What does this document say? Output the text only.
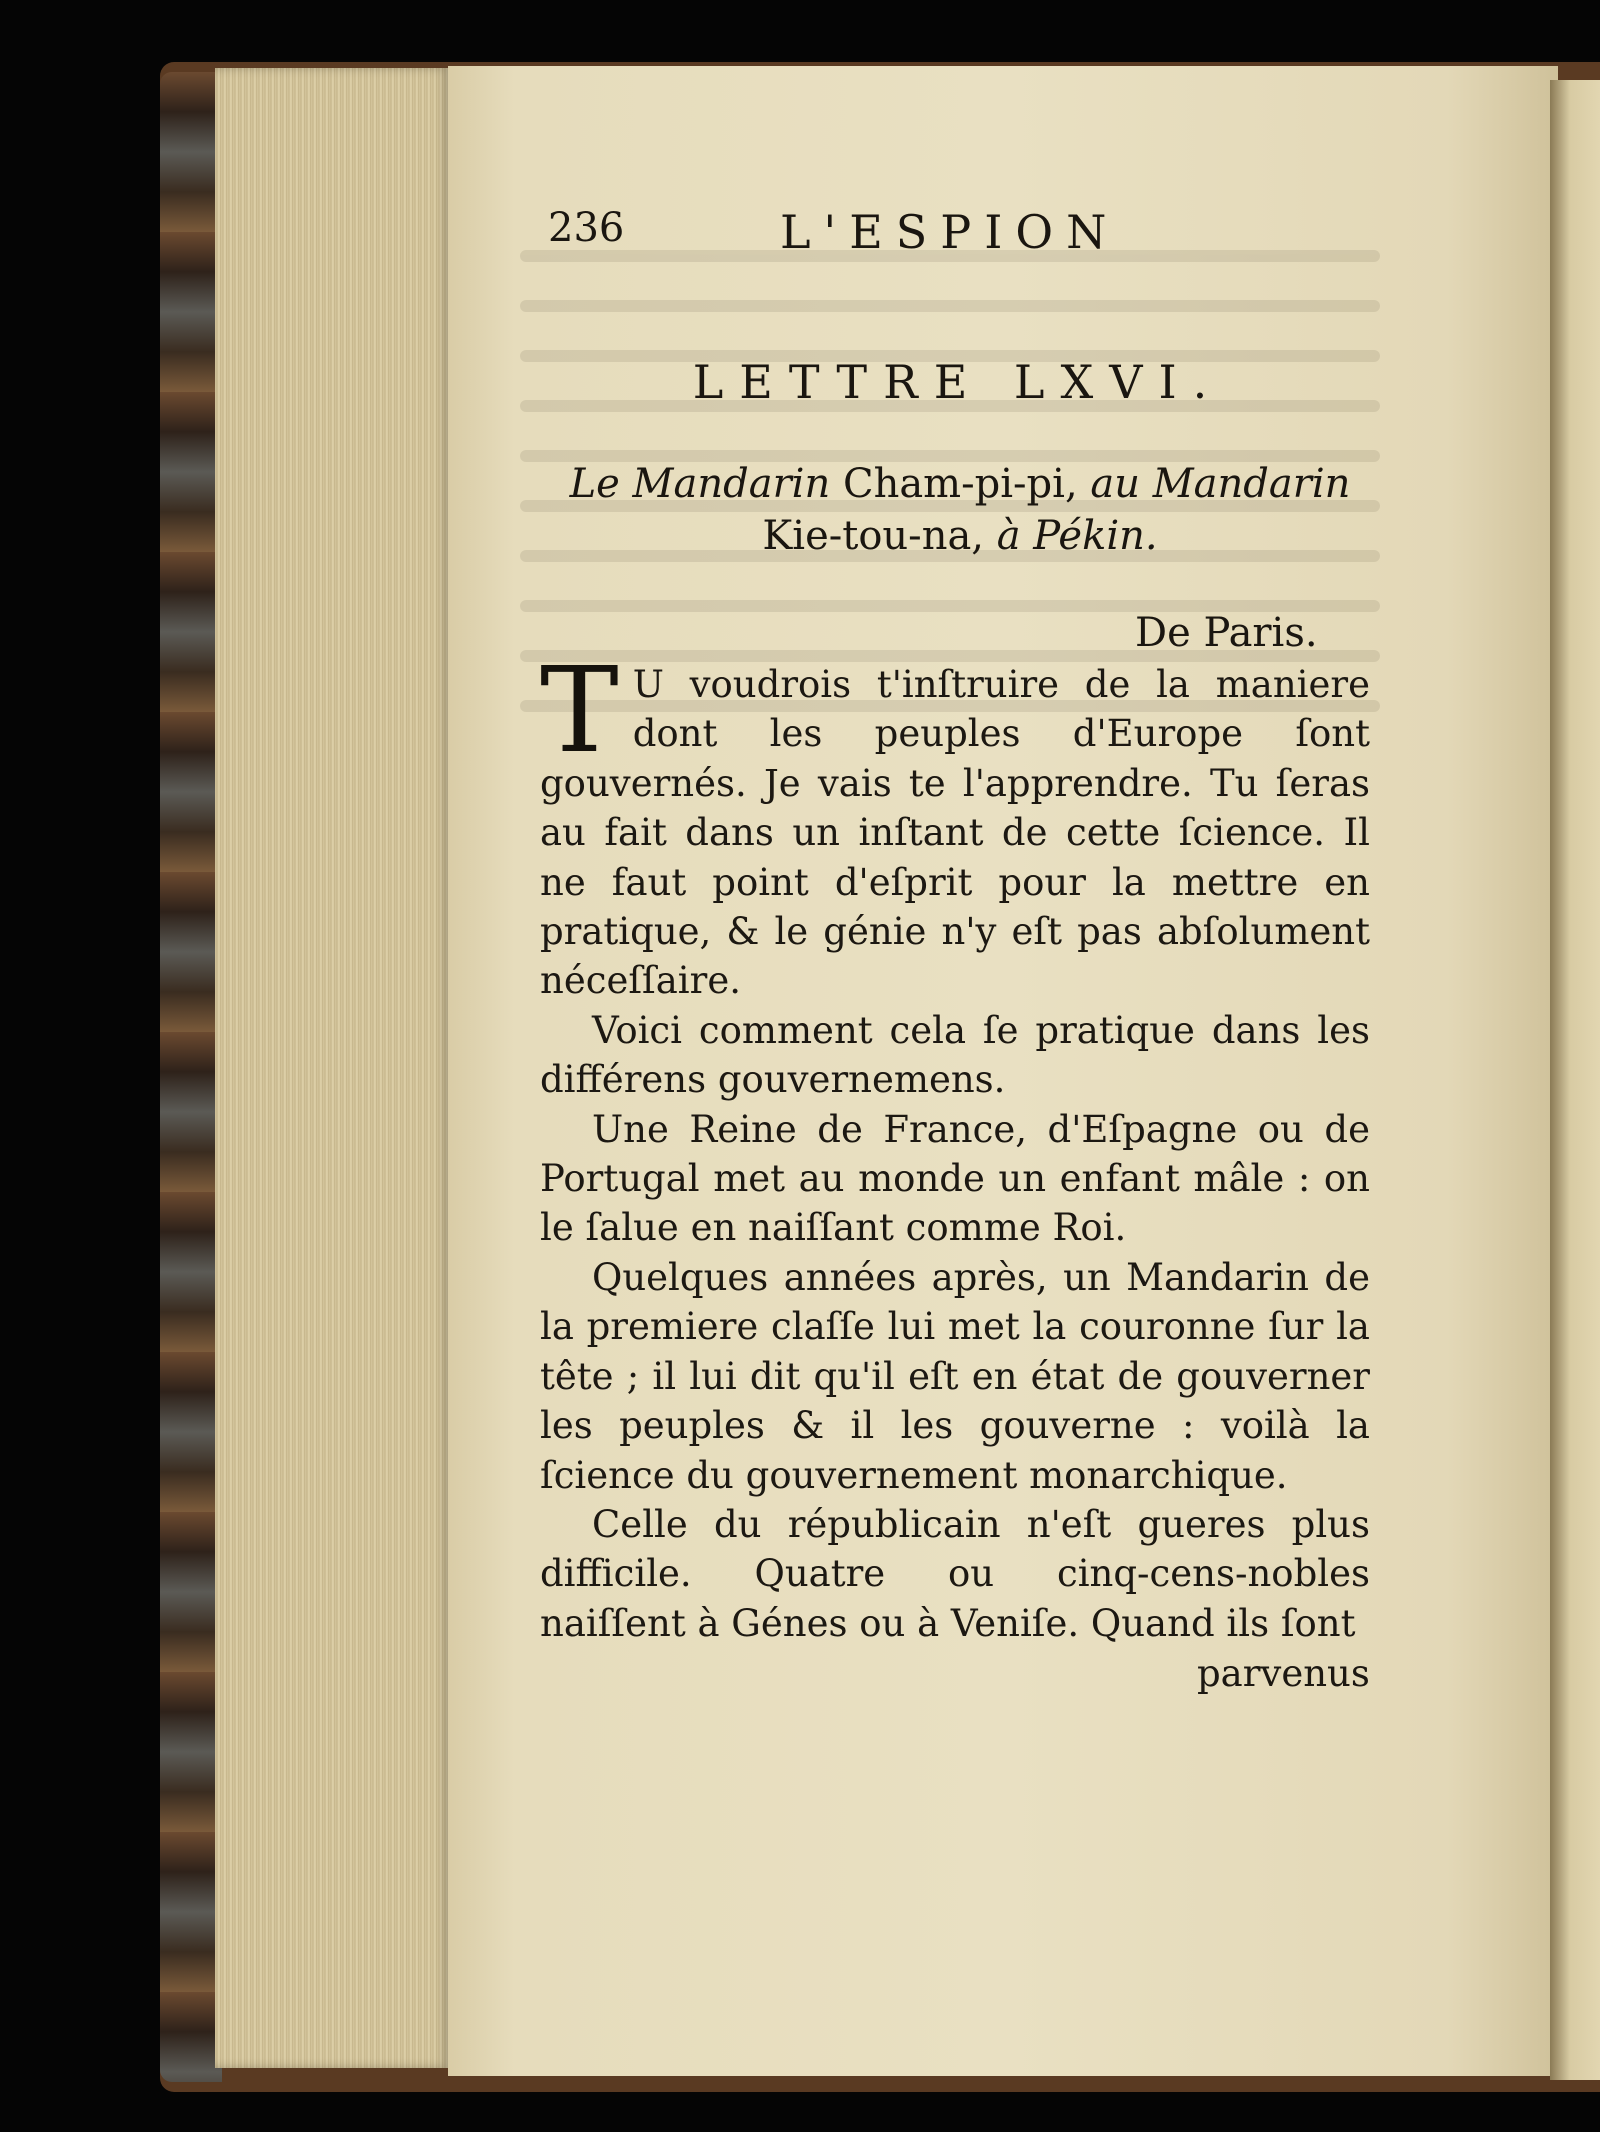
236	L'ESPION
LETTRE LXVI.
Le Mandarin Cham-pi-pi, au Mandarin
Kie-tou-na, à Pékin.
De Paris.

T U voudrois t'inſtruire de la maniere dont les peuples d'Europe ſont gouvernés. Je vais te l'apprendre. Tu ſeras au fait dans un inſtant de cette ſcience. Il ne faut point d'eſprit pour la mettre en pratique, & le génie n'y eſt pas abſolument néceſſaire.

Voici comment cela ſe pratique dans les différens gouvernemens.

Une Reine de France, d'Eſpagne ou de Portugal met au monde un enfant mâle : on le ſalue en naiſſant comme Roi.

Quelques années après, un Mandarin de la premiere claſſe lui met la couronne ſur la tête ; il lui dit qu'il eſt en état de gouverner les peuples & il les gouverne : voilà la ſcience du gouvernement monarchique.

Celle du républicain n'eſt gueres plus difficile. Quatre ou cinq-cens-nobles naiſſent à Génes ou à Veniſe. Quand ils ſont

parvenus
